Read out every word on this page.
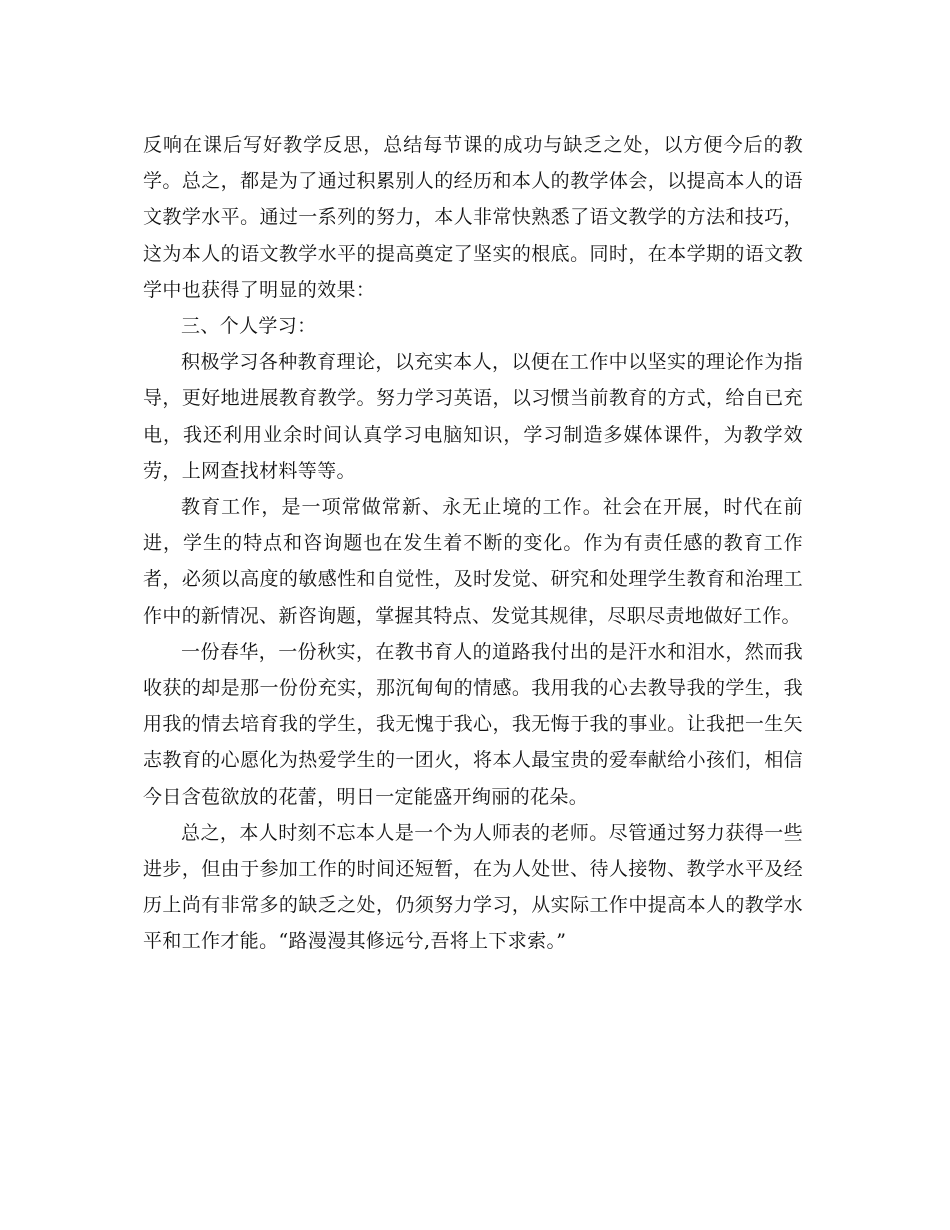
反响在课后写好教学反思，总结每节课的成功与缺乏之处，以方便今后的教学。总之，都是为了通过积累别人的经历和本人的教学体会，以提高本人的语文教学水平。通过一系列的努力，本人非常快熟悉了语文教学的方法和技巧，这为本人的语文教学水平的提高奠定了坚实的根底。同时，在本学期的语文教学中也获得了明显的效果：

三、个人学习：

积极学习各种教育理论，以充实本人，以便在工作中以坚实的理论作为指导，更好地进展教育教学。努力学习英语，以习惯当前教育的方式，给自已充电，我还利用业余时间认真学习电脑知识，学习制造多媒体课件，为教学效劳，上网查找材料等等。

教育工作，是一项常做常新、永无止境的工作。社会在开展，时代在前进，学生的特点和咨询题也在发生着不断的变化。作为有责任感的教育工作者，必须以高度的敏感性和自觉性，及时发觉、研究和处理学生教育和治理工作中的新情况、新咨询题，掌握其特点、发觉其规律，尽职尽责地做好工作。

一份春华，一份秋实，在教书育人的道路我付出的是汗水和泪水，然而我收获的却是那一份份充实，那沉甸甸的情感。我用我的心去教导我的学生，我用我的情去培育我的学生，我无愧于我心，我无悔于我的事业。让我把一生矢志教育的心愿化为热爱学生的一团火，将本人最宝贵的爱奉献给小孩们，相信今日含苞欲放的花蕾，明日一定能盛开绚丽的花朵。

总之，本人时刻不忘本人是一个为人师表的老师。尽管通过努力获得一些进步，但由于参加工作的时间还短暂，在为人处世、待人接物、教学水平及经历上尚有非常多的缺乏之处，仍须努力学习，从实际工作中提高本人的教学水平和工作才能。“路漫漫其修远兮,吾将上下求索。”
